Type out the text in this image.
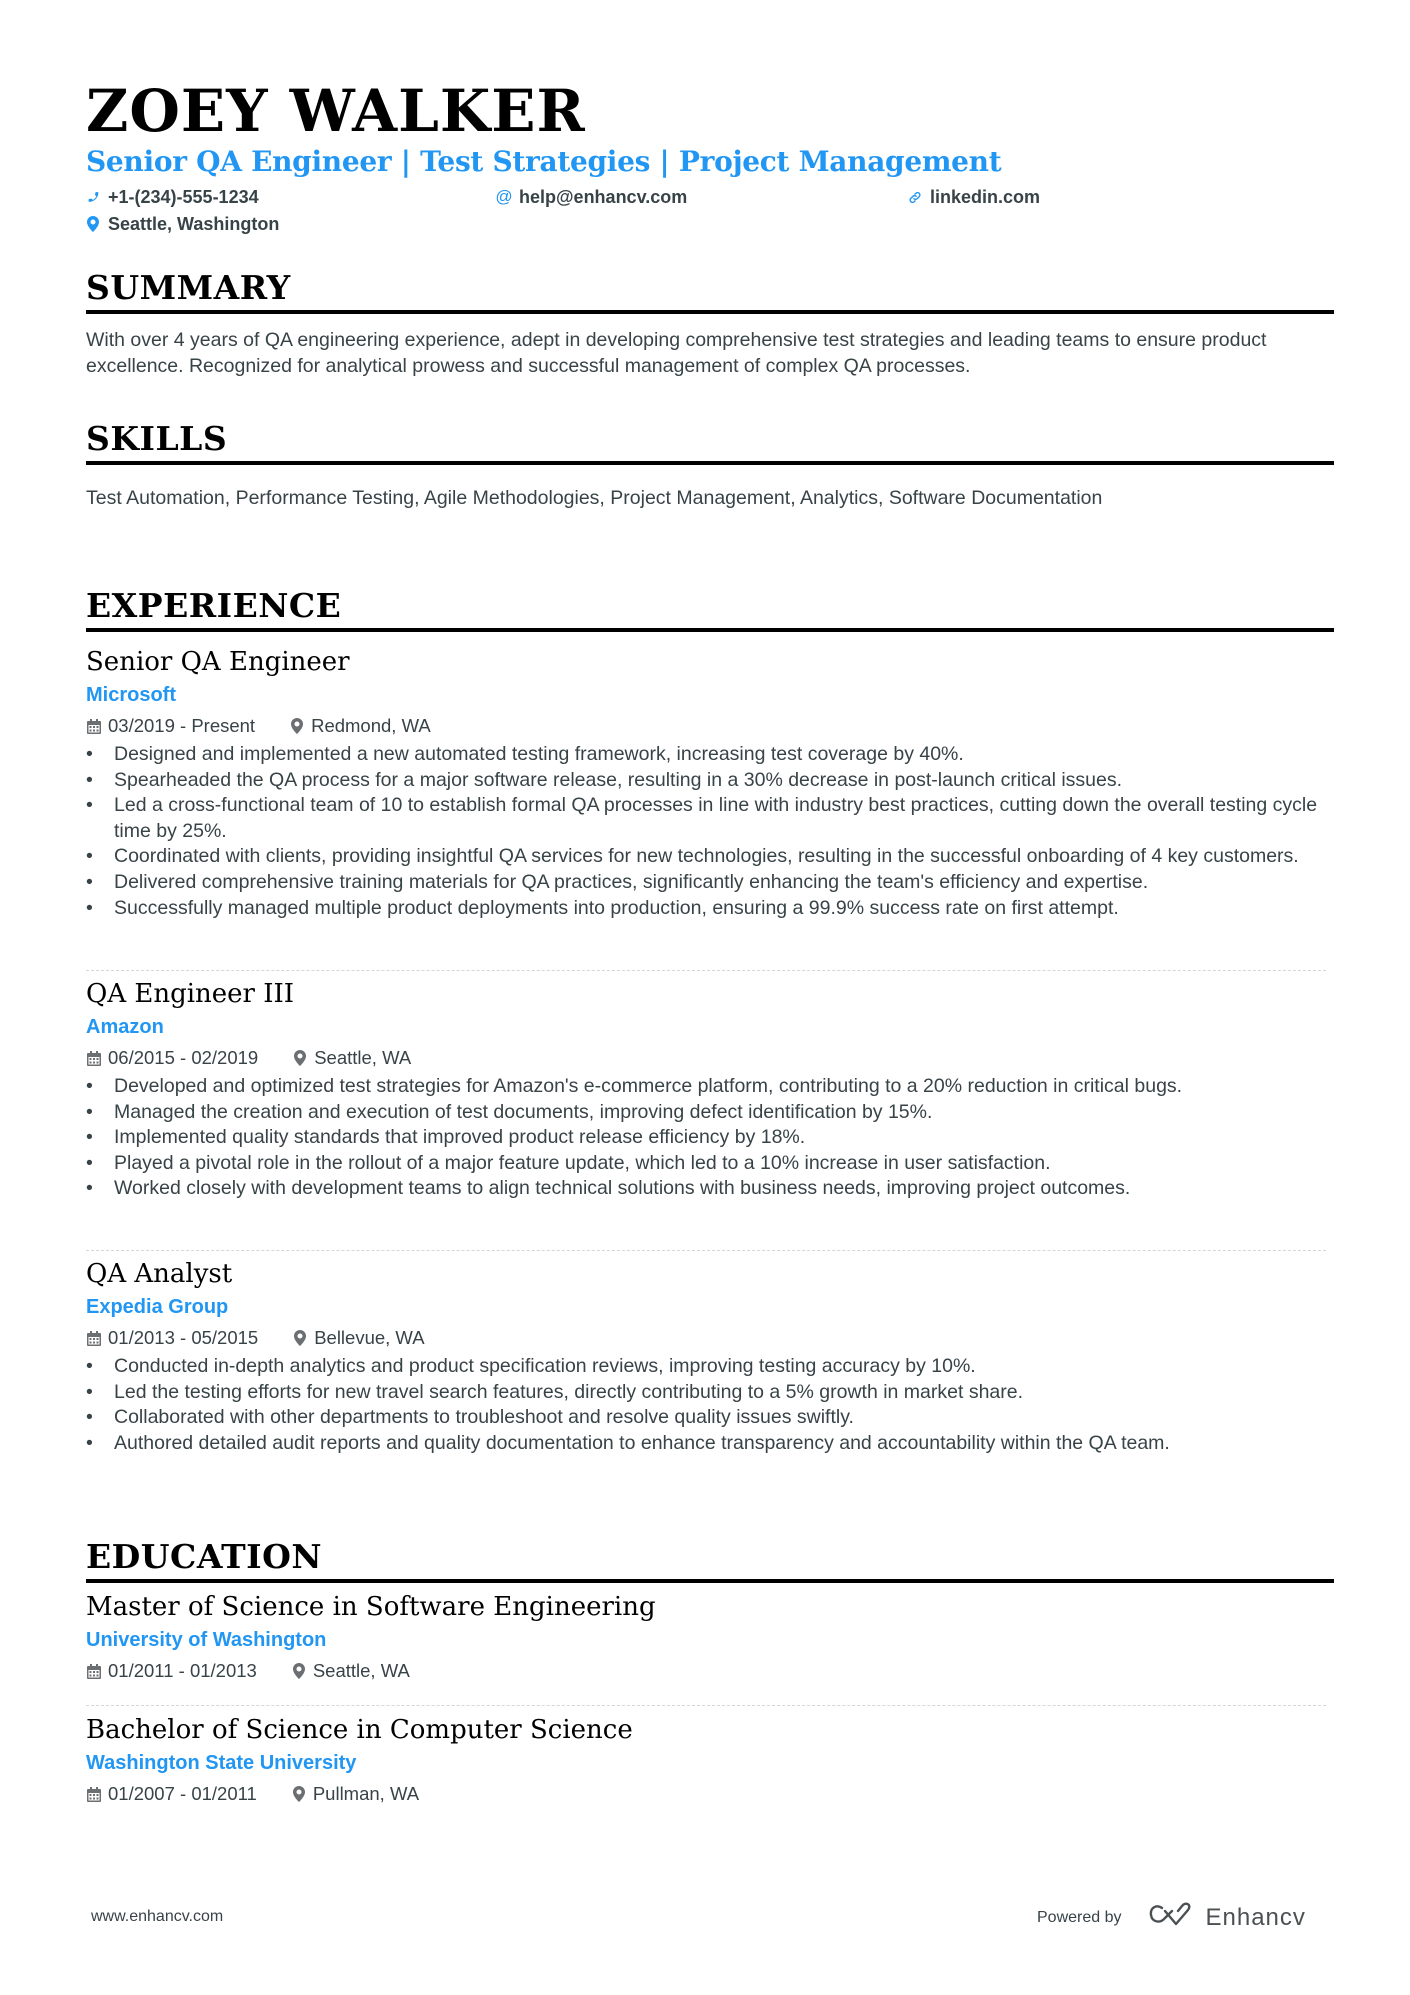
ZOEY WALKER
Senior QA Engineer | Test Strategies | Project Management
+1-(234)-555-1234	@ help@enhancv.com	linkedin.com
Seattle, Washington
SUMMARY

With over 4 years of QA engineering experience, adept in developing comprehensive test strategies and leading teams to ensure product excellence. Recognized for analytical prowess and successful management of complex QA processes.

SKILLS

Test Automation, Performance Testing, Agile Methodologies, Project Management, Analytics, Software Documentation

EXPERIENCE
Senior QA Engineer
Microsoft
03/2019 - Present	Redmond, WA
• Designed and implemented a new automated testing framework, increasing test coverage by 40%.
• Spearheaded the QA process for a major software release, resulting in a 30% decrease in post-launch critical issues.
• Led a cross-functional team of 10 to establish formal QA processes in line with industry best practices, cutting down the overall testing cycle time by 25%.
• Coordinated with clients, providing insightful QA services for new technologies, resulting in the successful onboarding of 4 key customers.
• Delivered comprehensive training materials for QA practices, significantly enhancing the team's efficiency and expertise.
• Successfully managed multiple product deployments into production, ensuring a 99.9% success rate on first attempt.
QA Engineer III
Amazon
06/2015 - 02/2019	Seattle, WA
• Developed and optimized test strategies for Amazon's e-commerce platform, contributing to a 20% reduction in critical bugs.
• Managed the creation and execution of test documents, improving defect identification by 15%.
• Implemented quality standards that improved product release efficiency by 18%.
• Played a pivotal role in the rollout of a major feature update, which led to a 10% increase in user satisfaction.
• Worked closely with development teams to align technical solutions with business needs, improving project outcomes.
QA Analyst
Expedia Group
01/2013 - 05/2015	Bellevue, WA
• Conducted in-depth analytics and product specification reviews, improving testing accuracy by 10%.
• Led the testing efforts for new travel search features, directly contributing to a 5% growth in market share.
• Collaborated with other departments to troubleshoot and resolve quality issues swiftly.
• Authored detailed audit reports and quality documentation to enhance transparency and accountability within the QA team.
EDUCATION
Master of Science in Software Engineering
University of Washington
01/2011 - 01/2013	Seattle, WA
Bachelor of Science in Computer Science
Washington State University
01/2007 - 01/2011	Pullman, WA
www.enhancv.com	Powered by	Enhancv
